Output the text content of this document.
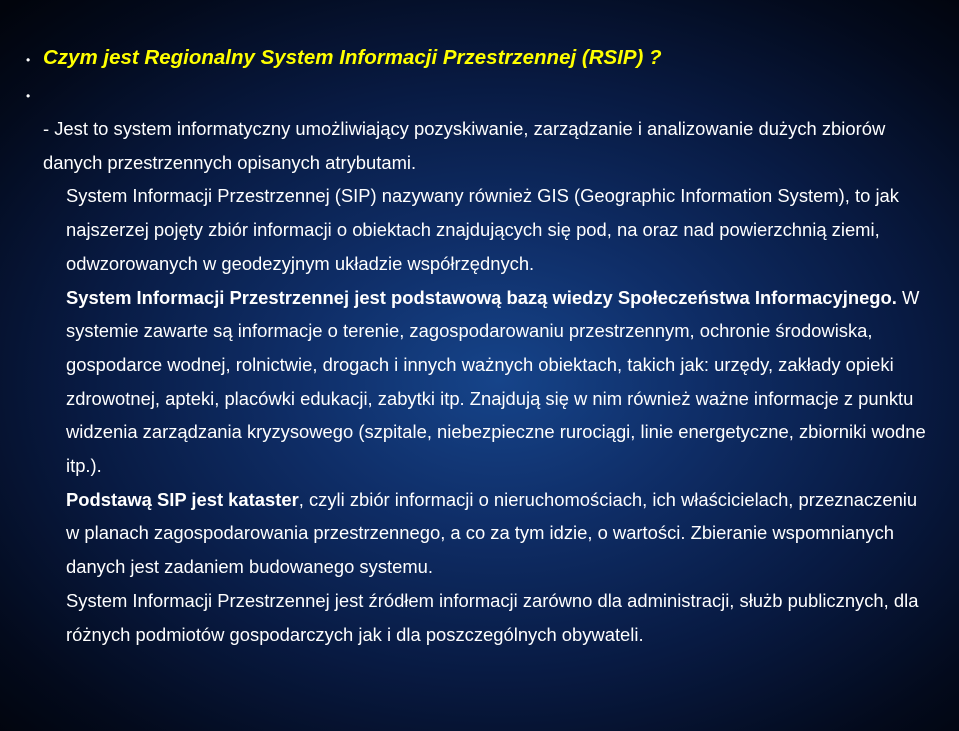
• Czym jest Regionalny System Informacji Przestrzennej (RSIP) ?
•

- Jest to system informatyczny umożliwiający pozyskiwanie, zarządzanie i analizowanie dużych zbiorów danych przestrzennych opisanych atrybutami.

System Informacji Przestrzennej (SIP) nazywany również GIS (Geographic Information System), to jak najszerzej pojęty zbiór informacji o obiektach znajdujących się pod, na oraz nad powierzchnią ziemi, odwzorowanych w geodezyjnym układzie współrzędnych.

System Informacji Przestrzennej jest podstawową bazą wiedzy Społeczeństwa Informacyjnego. W systemie zawarte są informacje o terenie, zagospodarowaniu przestrzennym, ochronie środowiska, gospodarce wodnej, rolnictwie, drogach i innych ważnych obiektach, takich jak: urzędy, zakłady opieki zdrowotnej, apteki, placówki edukacji, zabytki itp. Znajdują się w nim również ważne informacje z punktu widzenia zarządzania kryzysowego (szpitale, niebezpieczne rurociągi, linie energetyczne, zbiorniki wodne itp.).

Podstawą SIP jest kataster, czyli zbiór informacji o nieruchomościach, ich właścicielach, przeznaczeniu w planach zagospodarowania przestrzennego, a co za tym idzie, o wartości. Zbieranie wspomnianych danych jest zadaniem budowanego systemu.

System Informacji Przestrzennej jest źródłem informacji zarówno dla administracji, służb publicznych, dla różnych podmiotów gospodarczych jak i dla poszczególnych obywateli.
